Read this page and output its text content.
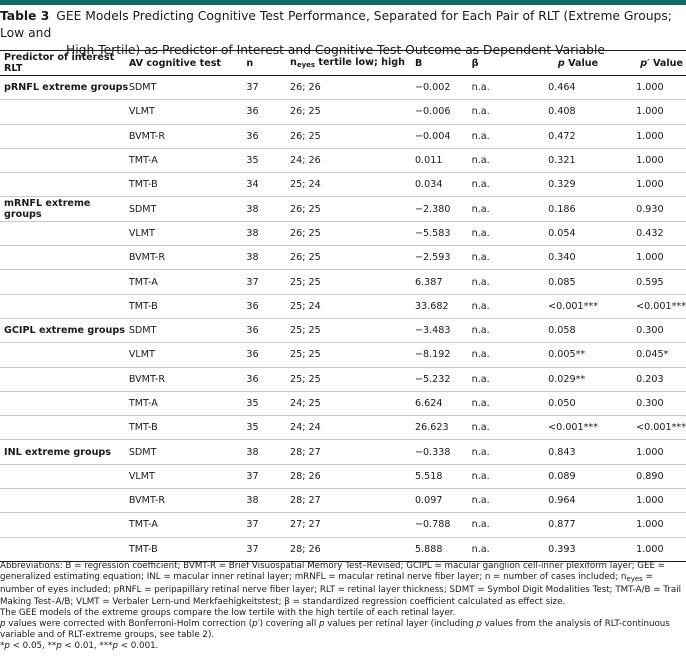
Table 3 GEE Models Predicting Cognitive Test Performance, Separated for Each Pair of RLT (Extreme Groups; Low and
High Tertile) as Predictor of Interest and Cognitive Test Outcome as Dependent Variable
Predictor of interest RLT	AV cognitive test	n	$n_{eyes}$ tertile low; high	B	β	p Value	p′ Value
pRNFL extreme groups	SDMT	37	26; 26	−0.002	n.a.	0.464	1.000
	VLMT	36	26; 25	−0.006	n.a.	0.408	1.000
	BVMT-R	36	26; 25	−0.004	n.a.	0.472	1.000
	TMT-A	35	24; 26	0.011	n.a.	0.321	1.000
	TMT-B	34	25; 24	0.034	n.a.	0.329	1.000
mRNFL extreme groups	SDMT	38	26; 25	−2.380	n.a.	0.186	0.930
	VLMT	38	26; 25	−5.583	n.a.	0.054	0.432
	BVMT-R	38	26; 25	−2.593	n.a.	0.340	1.000
	TMT-A	37	25; 25	6.387	n.a.	0.085	0.595
	TMT-B	36	25; 24	33.682	n.a.	<0.001***	<0.001***
GCIPL extreme groups	SDMT	36	25; 25	−3.483	n.a.	0.058	0.300
	VLMT	36	25; 25	−8.192	n.a.	0.005**	0.045*
	BVMT-R	36	25; 25	−5.232	n.a.	0.029**	0.203
	TMT-A	35	24; 25	6.624	n.a.	0.050	0.300
	TMT-B	35	24; 24	26.623	n.a.	<0.001***	<0.001***
INL extreme groups	SDMT	38	28; 27	−0.338	n.a.	0.843	1.000
	VLMT	37	28; 26	5.518	n.a.	0.089	0.890
	BVMT-R	38	28; 27	0.097	n.a.	0.964	1.000
	TMT-A	37	27; 27	−0.788	n.a.	0.877	1.000
	TMT-B	37	28; 26	5.888	n.a.	0.393	1.000

Abbreviations: B = regression coefficient; BVMT-R = Brief Visuospatial Memory Test–Revised; GCIPL = macular ganglion cell-inner plexiform layer; GEE = generalized estimating equation; INL = macular inner retinal layer; mRNFL = macular retinal nerve fiber layer; n = number of cases included; $n_{eyes}$ = number of eyes included; pRNFL = peripapillary retinal nerve fiber layer; RLT = retinal layer thickness; SDMT = Symbol Digit Modalities Test; TMT-A/B = Trail Making Test–A/B; VLMT = Verbaler Lern-und Merkfaehigkeitstest; β = standardized regression coefficient calculated as effect size.

The GEE models of the extreme groups compare the low tertile with the high tertile of each retinal layer.

p values were corrected with Bonferroni-Holm correction (p′) covering all p values per retinal layer (including p values from the analysis of RLT-continuous variable and of RLT-extreme groups, see table 2).

*p < 0.05, **p < 0.01, ***p < 0.001.
